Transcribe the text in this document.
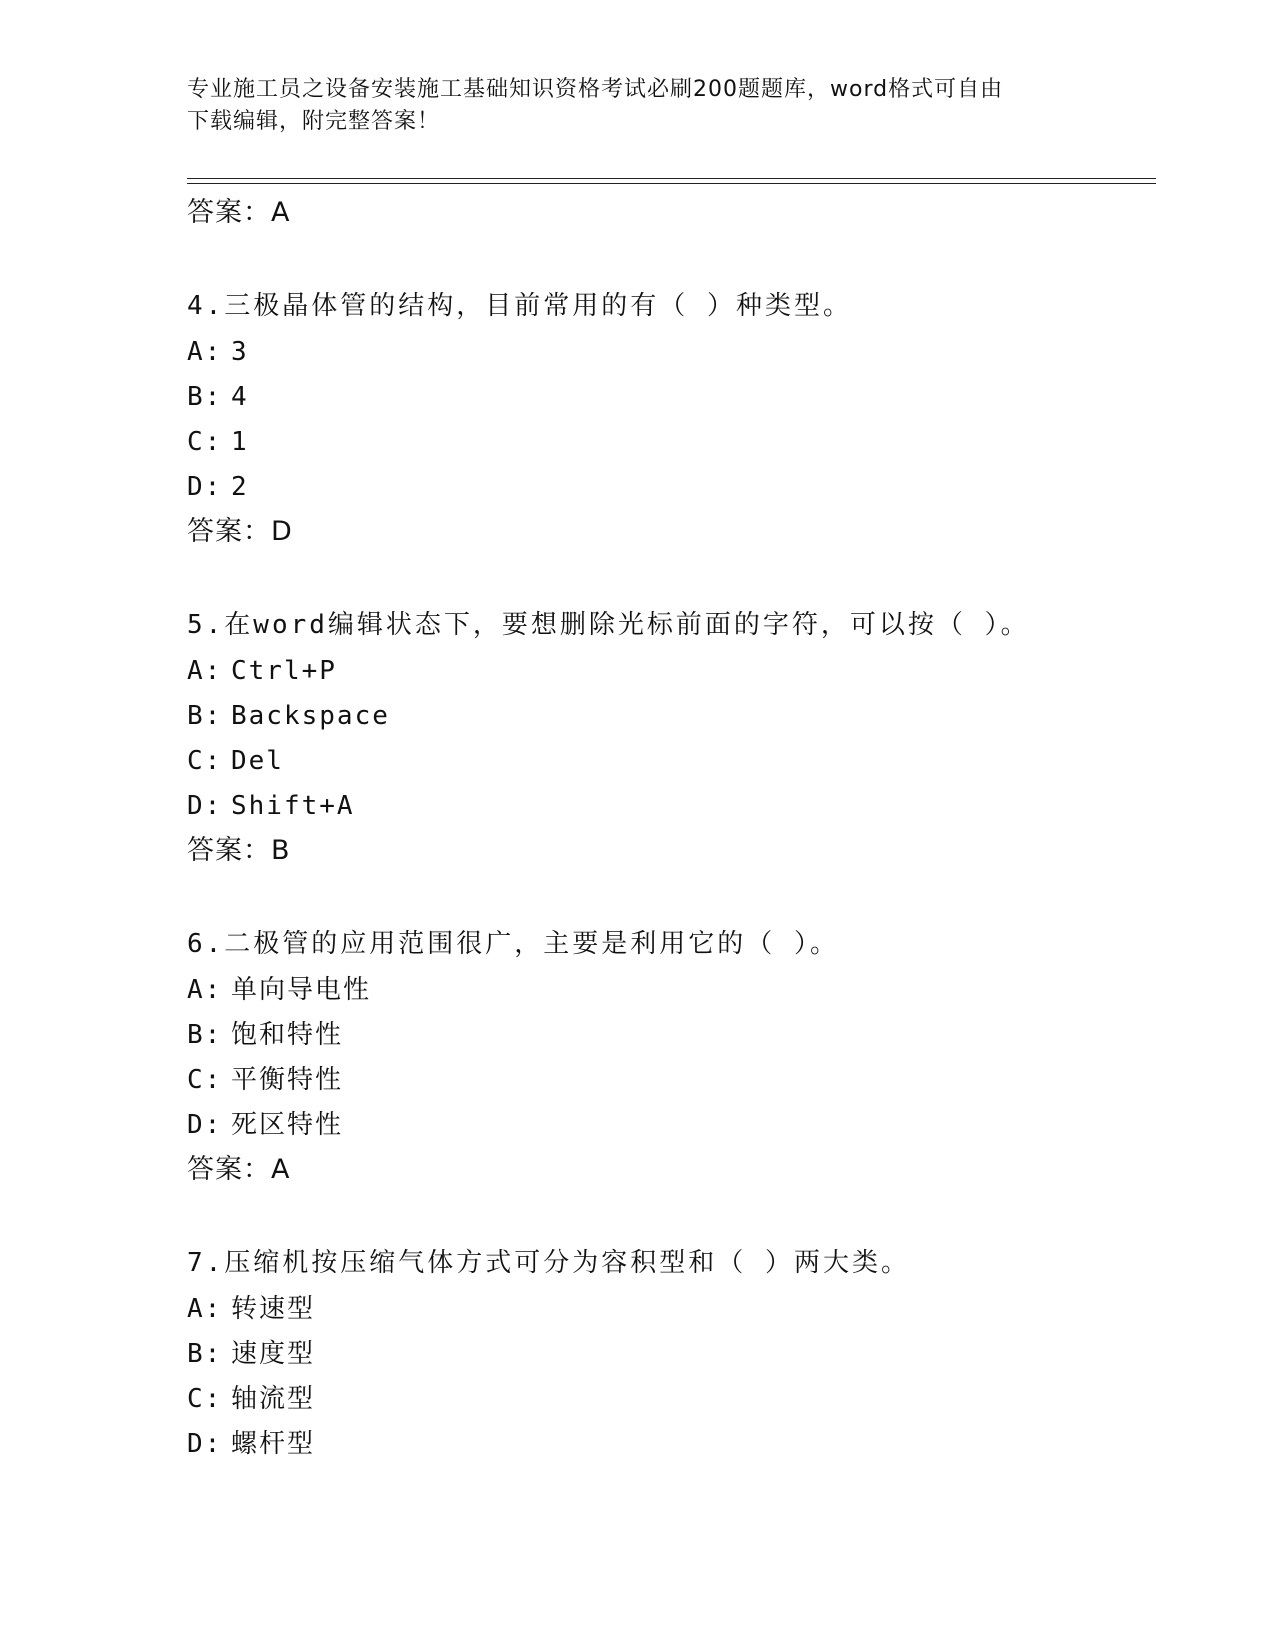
专业施工员之设备安装施工基础知识资格考试必刷200题题库，word格式可自由
下载编辑，附完整答案！
答案：A
4.三极晶体管的结构，目前常用的有（ ）种类型。
A: 3
B: 4
C: 1
D: 2
答案：D
5.在word编辑状态下，要想删除光标前面的字符，可以按（ ）。
A: Ctrl+P
B: Backspace
C: Del
D: Shift+A
答案：B
6.二极管的应用范围很广，主要是利用它的（ ）。
A: 单向导电性
B: 饱和特性
C: 平衡特性
D: 死区特性
答案：A
7.压缩机按压缩气体方式可分为容积型和（ ）两大类。
A: 转速型
B: 速度型
C: 轴流型
D: 螺杆型
